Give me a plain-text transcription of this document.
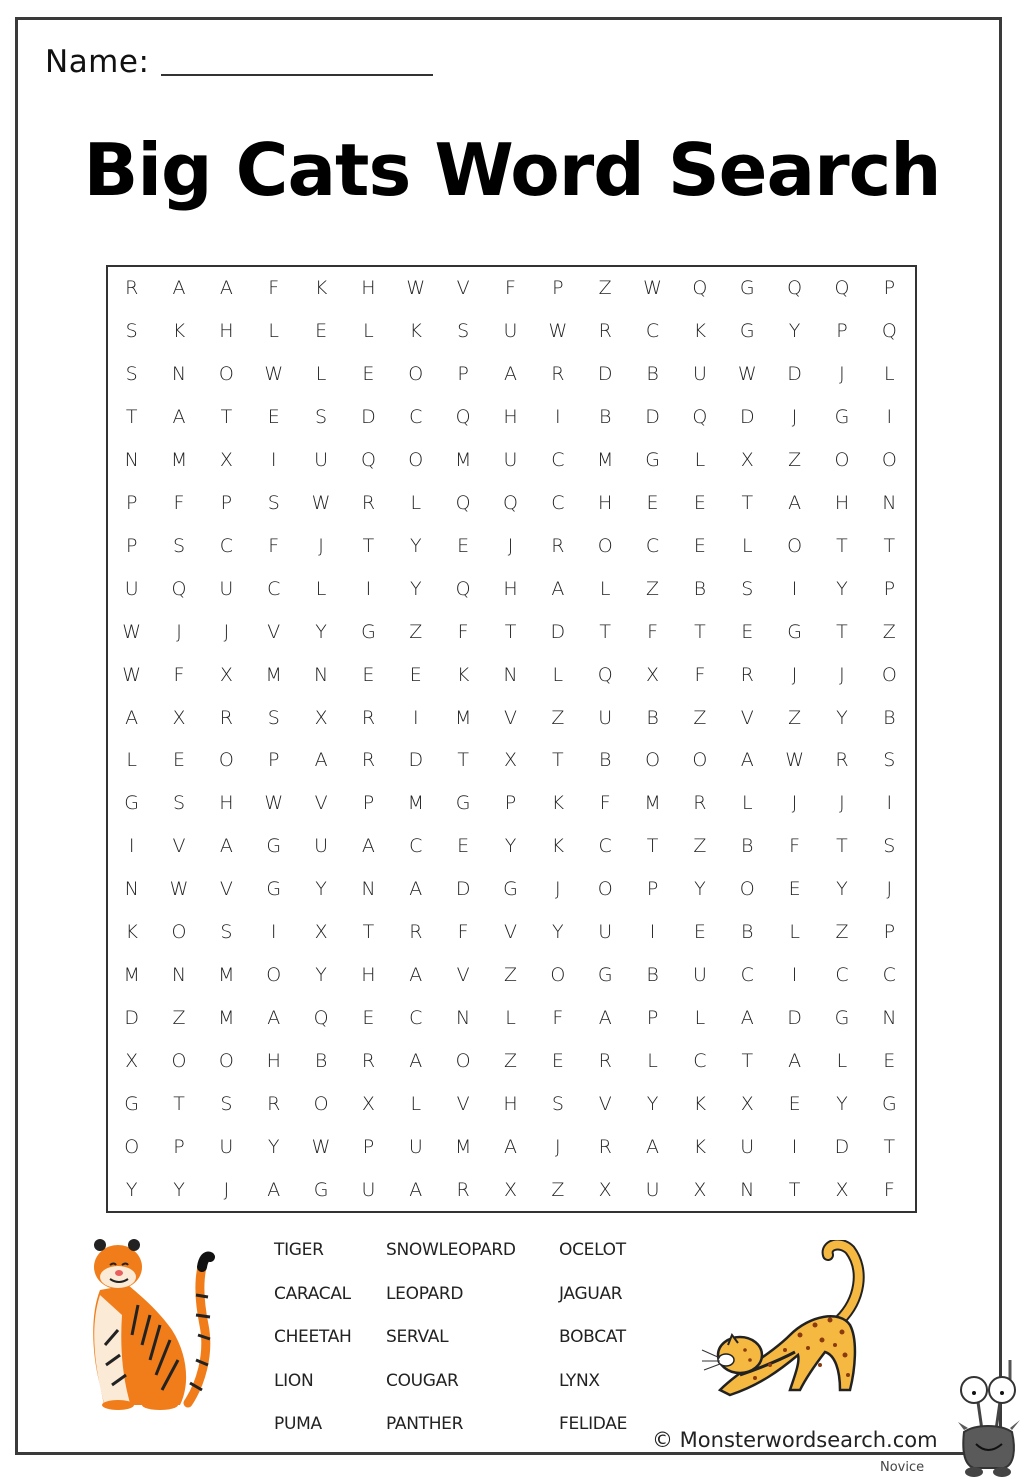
Name:
Big Cats Word Search
R	A	A	F	K	H	W	V	F	P	Z	W	Q	G	Q	Q	P
S	K	H	L	E	L	K	S	U	W	R	C	K	G	Y	P	Q
S	N	O	W	L	E	O	P	A	R	D	B	U	W	D	J	L
T	A	T	E	S	D	C	Q	H	I	B	D	Q	D	J	G	I
N	M	X	I	U	Q	O	M	U	C	M	G	L	X	Z	O	O
P	F	P	S	W	R	L	Q	Q	C	H	E	E	T	A	H	N
P	S	C	F	J	T	Y	E	J	R	O	C	E	L	O	T	T
U	Q	U	C	L	I	Y	Q	H	A	L	Z	B	S	I	Y	P
W	J	J	V	Y	G	Z	F	T	D	T	F	T	E	G	T	Z
W	F	X	M	N	E	E	K	N	L	Q	X	F	R	J	J	O
A	X	R	S	X	R	I	M	V	Z	U	B	Z	V	Z	Y	B
L	E	O	P	A	R	D	T	X	T	B	O	O	A	W	R	S
G	S	H	W	V	P	M	G	P	K	F	M	R	L	J	J	I
I	V	A	G	U	A	C	E	Y	K	C	T	Z	B	F	T	S
N	W	V	G	Y	N	A	D	G	J	O	P	Y	O	E	Y	J
K	O	S	I	X	T	R	F	V	Y	U	I	E	B	L	Z	P
M	N	M	O	Y	H	A	V	Z	O	G	B	U	C	I	C	C
D	Z	M	A	Q	E	C	N	L	F	A	P	L	A	D	G	N
X	O	O	H	B	R	A	O	Z	E	R	L	C	T	A	L	E
G	T	S	R	O	X	L	V	H	S	V	Y	K	X	E	Y	G
O	P	U	Y	W	P	U	M	A	J	R	A	K	U	I	D	T
Y	Y	J	A	G	U	A	R	X	Z	X	U	X	N	T	X	F
TIGER	SNOWLEOPARD	OCELOT
CARACAL	LEOPARD	JAGUAR
CHEETAH	SERVAL	BOBCAT
LION	COUGAR	LYNX
PUMA	PANTHER	FELIDAE
© Monsterwordsearch.com
Novice
